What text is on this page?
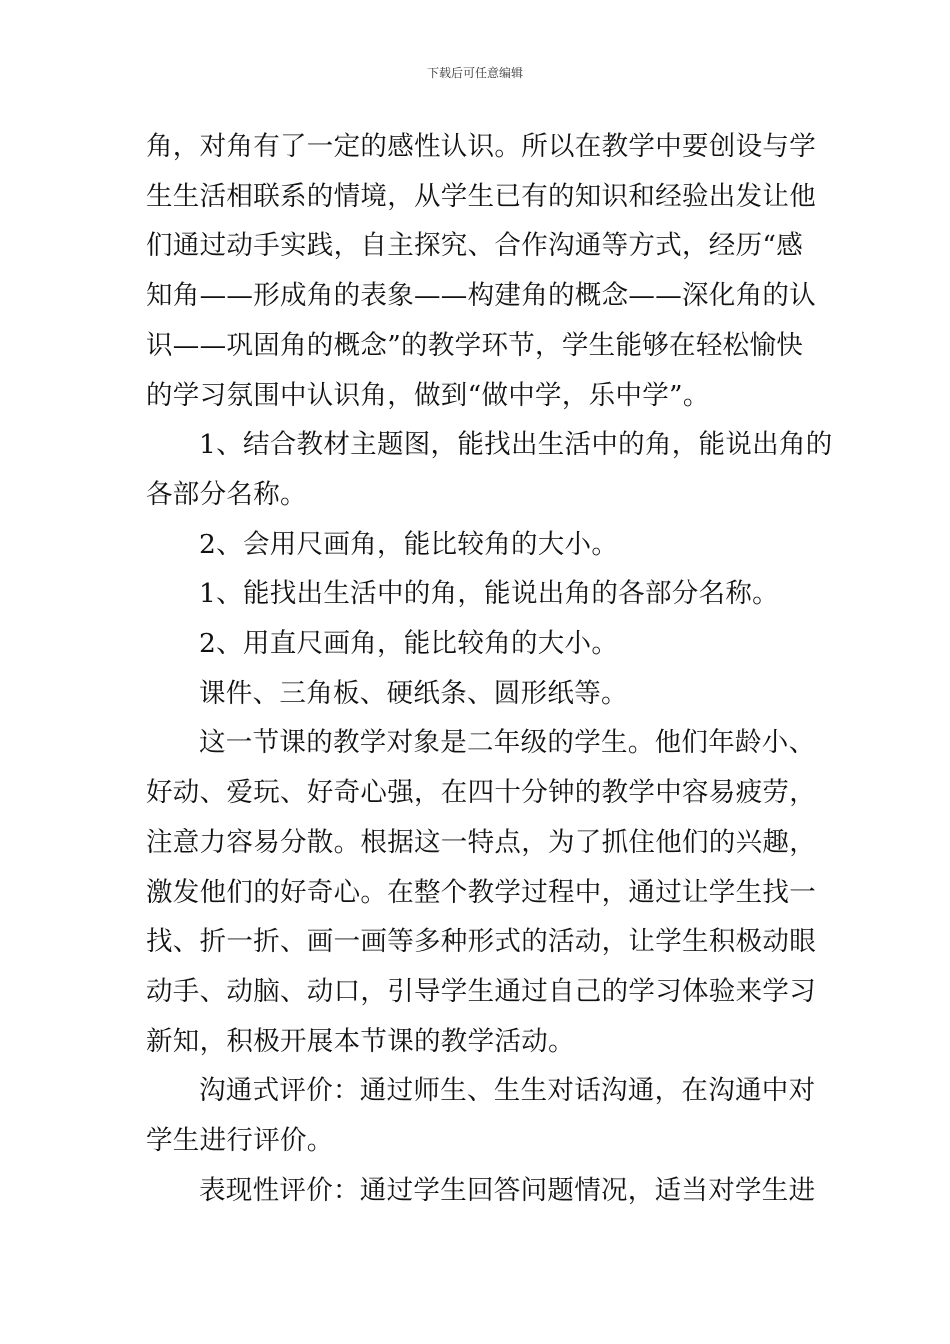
下载后可任意编辑

角，对角有了一定的感性认识。所以在教学中要创设与学
生生活相联系的情境，从学生已有的知识和经验出发让他
们通过动手实践，自主探究、合作沟通等方式，经历“感
知角——形成角的表象——构建角的概念——深化角的认
识——巩固角的概念”的教学环节，学生能够在轻松愉快
的学习氛围中认识角，做到“做中学，乐中学”。

1、结合教材主题图，能找出生活中的角，能说出角的
各部分名称。

2、会用尺画角，能比较角的大小。

1、能找出生活中的角，能说出角的各部分名称。

2、用直尺画角，能比较角的大小。

课件、三角板、硬纸条、圆形纸等。

这一节课的教学对象是二年级的学生。他们年龄小、
好动、爱玩、好奇心强，在四十分钟的教学中容易疲劳，
注意力容易分散。根据这一特点，为了抓住他们的兴趣，
激发他们的好奇心。在整个教学过程中，通过让学生找一
找、折一折、画一画等多种形式的活动，让学生积极动眼
动手、动脑、动口，引导学生通过自己的学习体验来学习
新知，积极开展本节课的教学活动。

沟通式评价：通过师生、生生对话沟通，在沟通中对
学生进行评价。

表现性评价：通过学生回答问题情况，适当对学生进
